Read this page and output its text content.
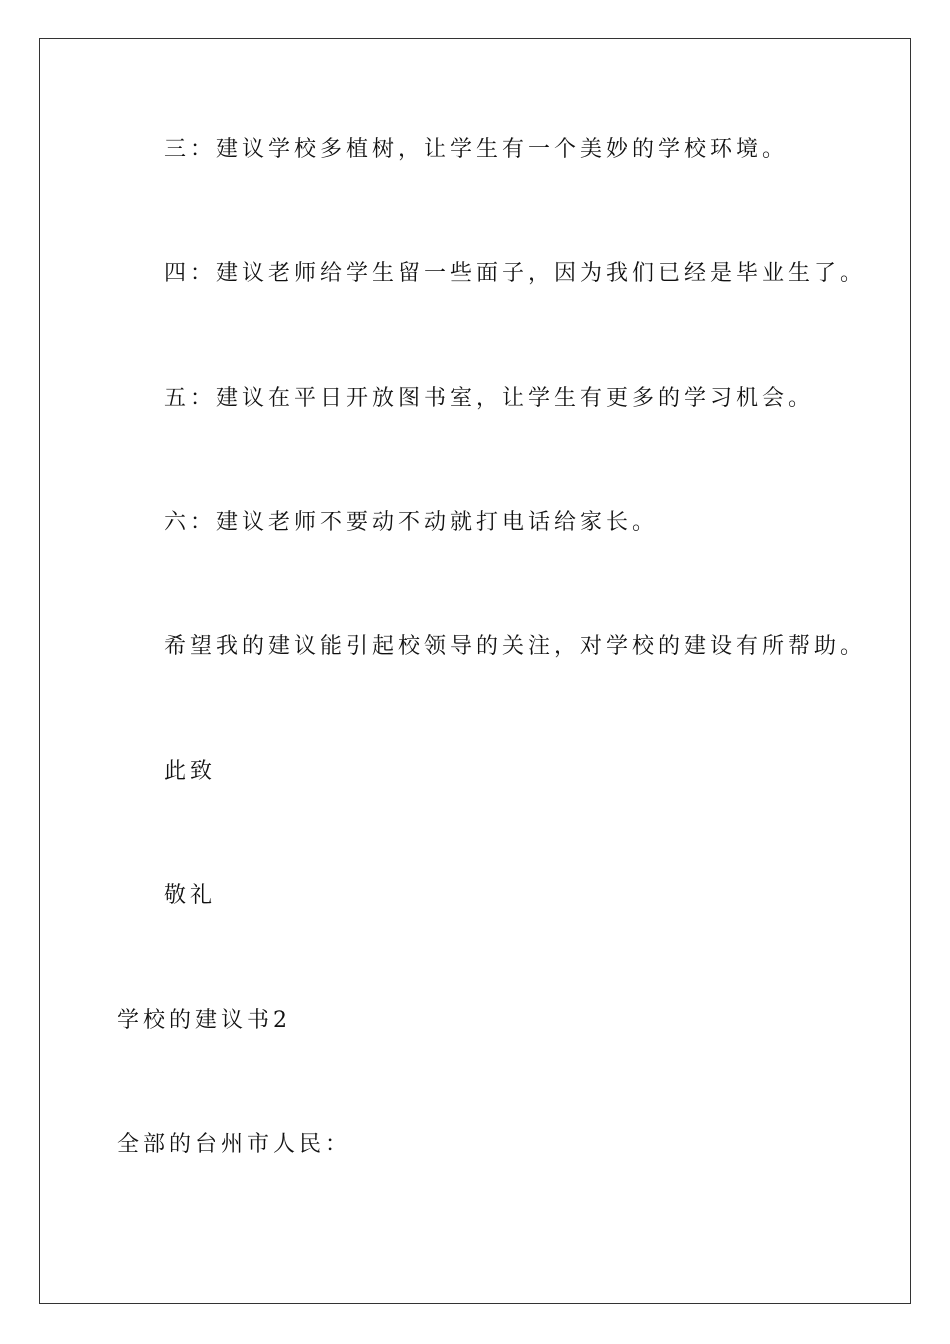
三：建议学校多植树，让学生有一个美妙的学校环境。
四：建议老师给学生留一些面子，因为我们已经是毕业生了。
五：建议在平日开放图书室，让学生有更多的学习机会。
六：建议老师不要动不动就打电话给家长。
希望我的建议能引起校领导的关注，对学校的建设有所帮助。
此致
敬礼
学校的建议书2
全部的台州市人民：
